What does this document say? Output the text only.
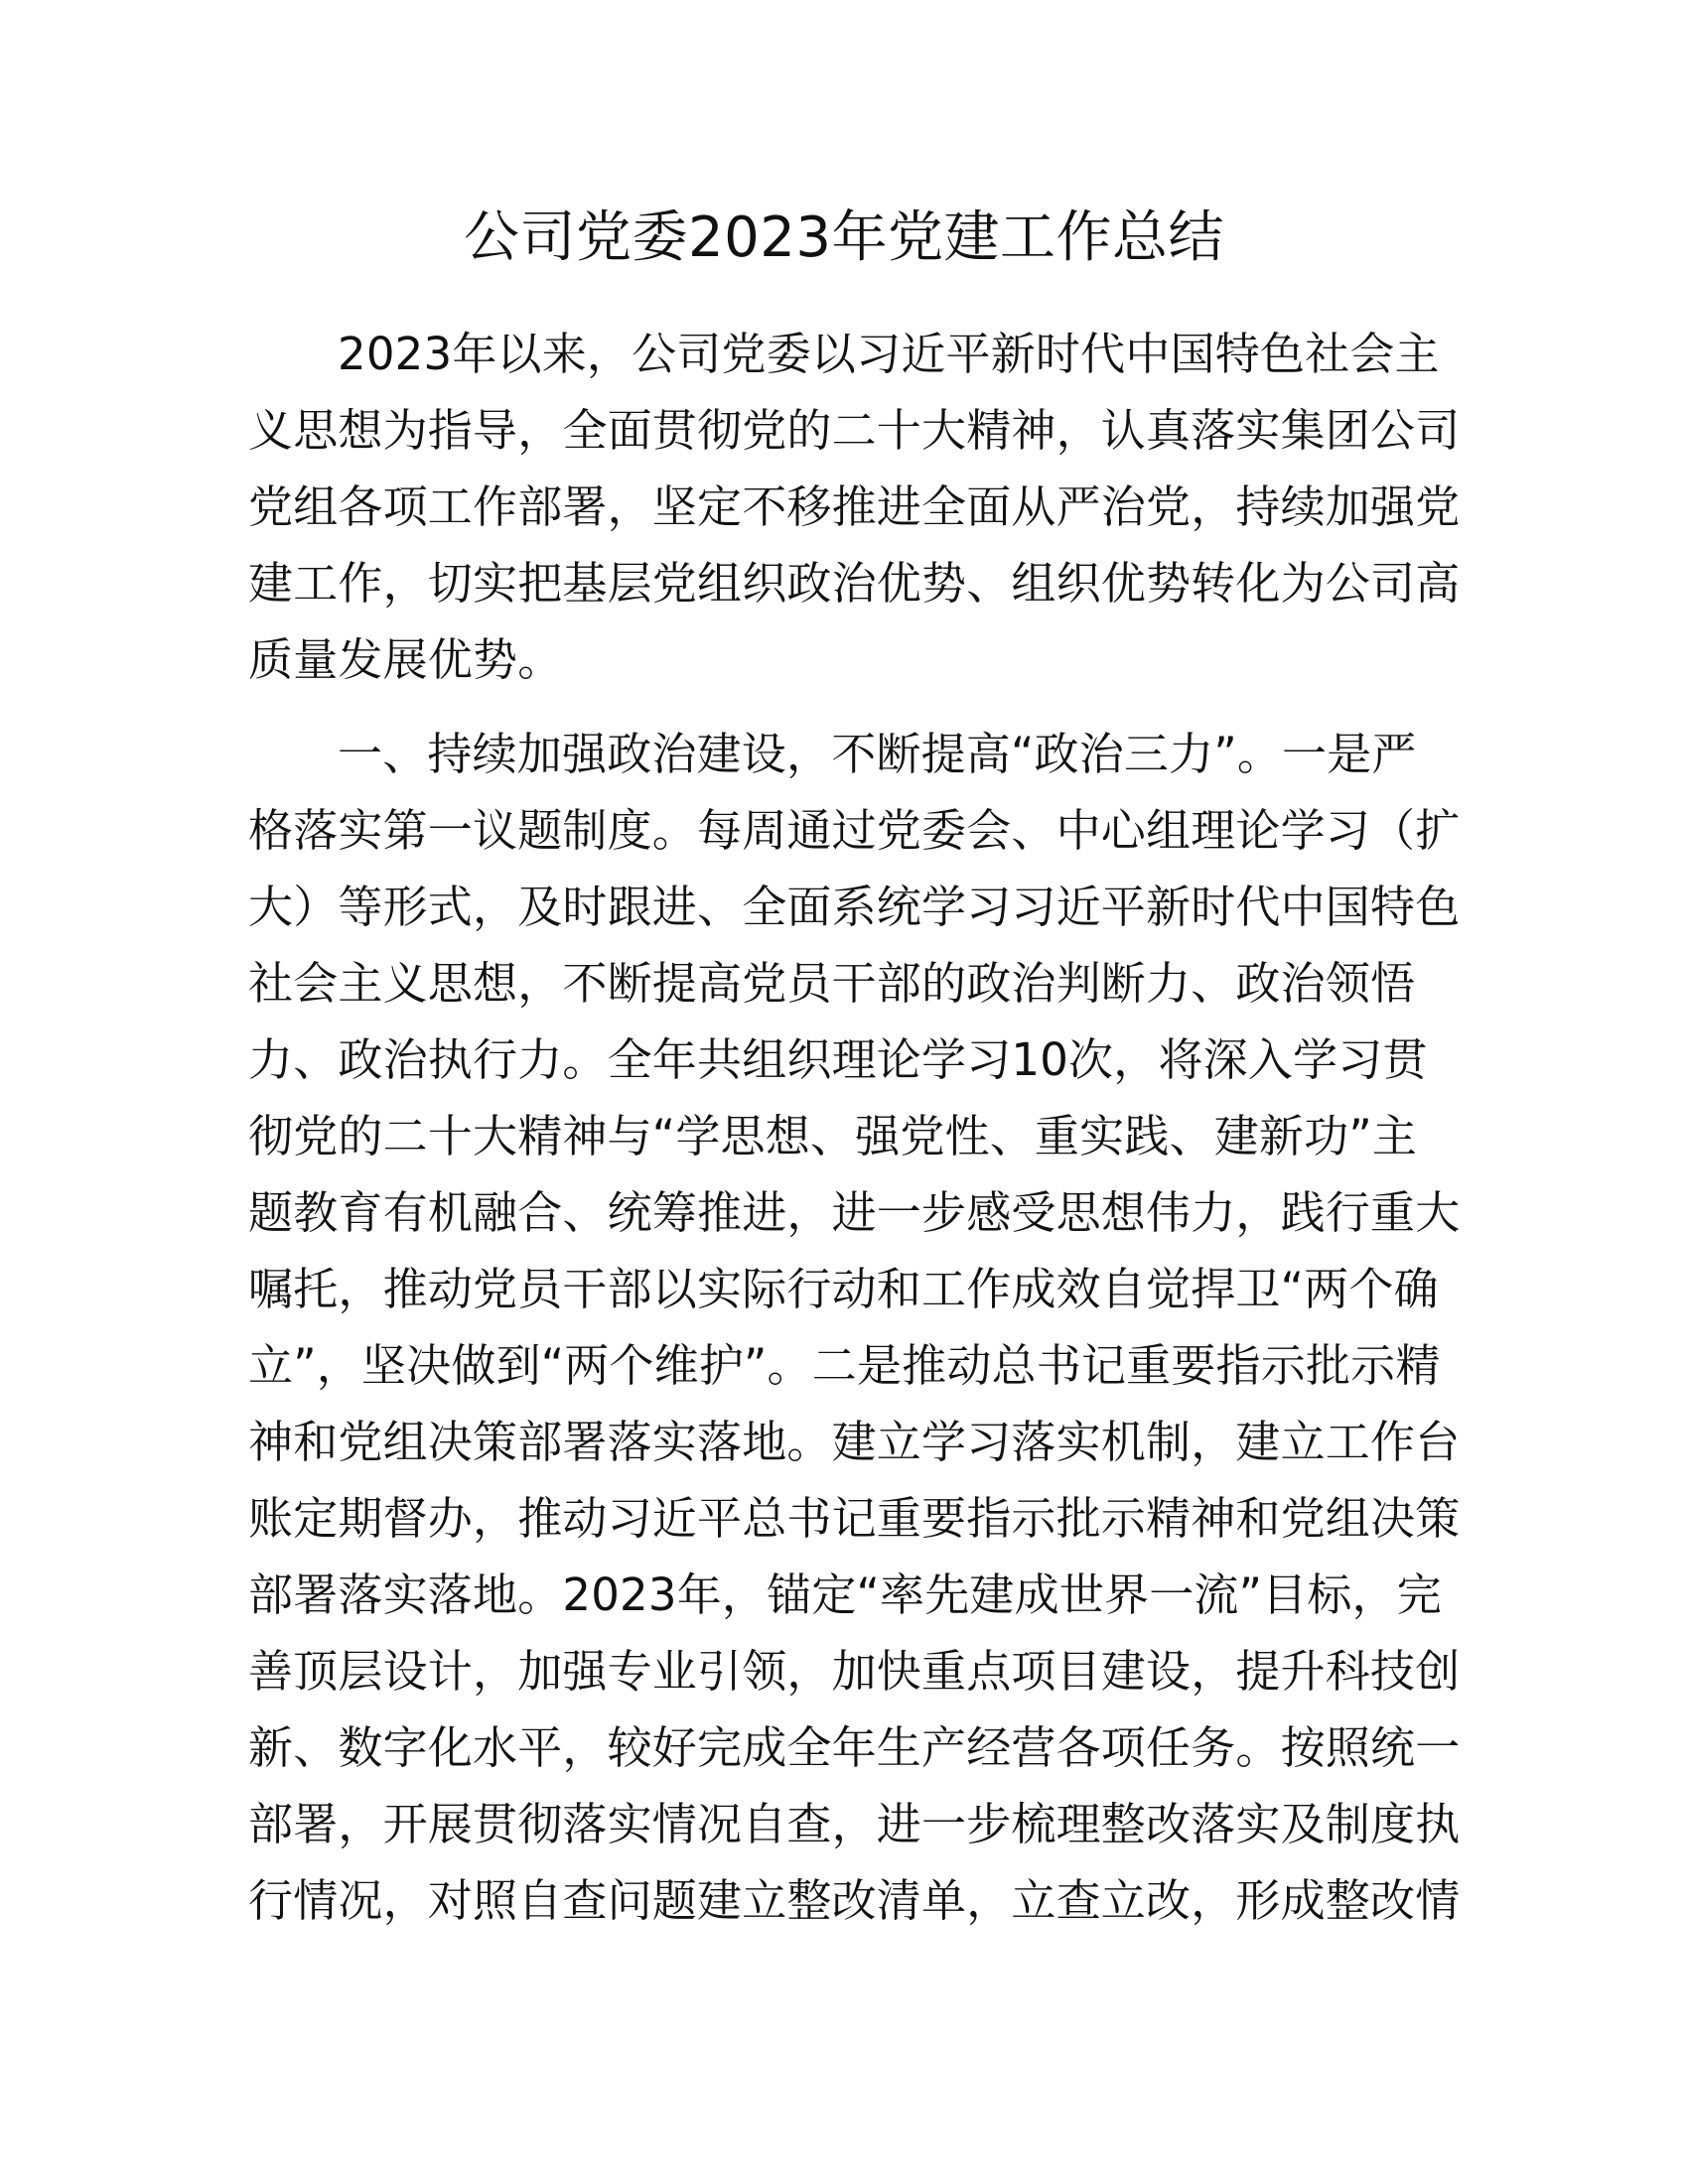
公司党委2023年党建工作总结

2023年以来，公司党委以习近平新时代中国特色社会主
义思想为指导，全面贯彻党的二十大精神，认真落实集团公司
党组各项工作部署，坚定不移推进全面从严治党，持续加强党
建工作，切实把基层党组织政治优势、组织优势转化为公司高
质量发展优势。

一、持续加强政治建设，不断提高“政治三力”。一是严
格落实第一议题制度。每周通过党委会、中心组理论学习（扩
大）等形式，及时跟进、全面系统学习习近平新时代中国特色
社会主义思想，不断提高党员干部的政治判断力、政治领悟
力、政治执行力。全年共组织理论学习10次，将深入学习贯
彻党的二十大精神与“学思想、强党性、重实践、建新功”主
题教育有机融合、统筹推进，进一步感受思想伟力，践行重大
嘱托，推动党员干部以实际行动和工作成效自觉捍卫“两个确
立”，坚决做到“两个维护”。二是推动总书记重要指示批示精
神和党组决策部署落实落地。建立学习落实机制，建立工作台
账定期督办，推动习近平总书记重要指示批示精神和党组决策
部署落实落地。2023年，锚定“率先建成世界一流”目标，完
善顶层设计，加强专业引领，加快重点项目建设，提升科技创
新、数字化水平，较好完成全年生产经营各项任务。按照统一
部署，开展贯彻落实情况自查，进一步梳理整改落实及制度执
行情况，对照自查问题建立整改清单，立查立改，形成整改情
